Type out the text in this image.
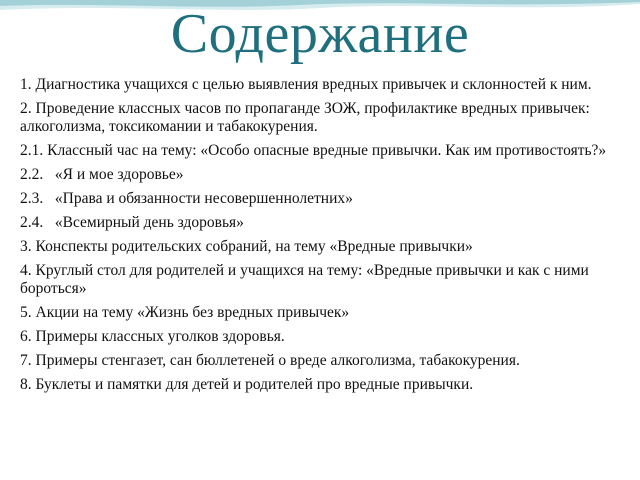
Содержание
1. Диагностика учащихся с целью выявления вредных привычек и склонностей к ним.
2. Проведение классных часов по пропаганде ЗОЖ, профилактике вредных привычек: алкоголизма, токсикомании и табакокурения.
2.1. Классный час на тему: «Особо опасные вредные привычки. Как им противостоять?»
2.2.   «Я и мое здоровье»
2.3.   «Права и обязанности несовершеннолетних»
2.4.   «Всемирный день здоровья»
3. Конспекты родительских собраний, на тему «Вредные привычки»
4. Круглый стол для родителей и учащихся на тему: «Вредные привычки и как с ними бороться»
5. Акции на тему «Жизнь без вредных привычек»
6. Примеры классных уголков здоровья.
7. Примеры стенгазет, сан бюллетеней о вреде алкоголизма, табакокурения.
8. Буклеты и памятки для детей и родителей про вредные привычки.
